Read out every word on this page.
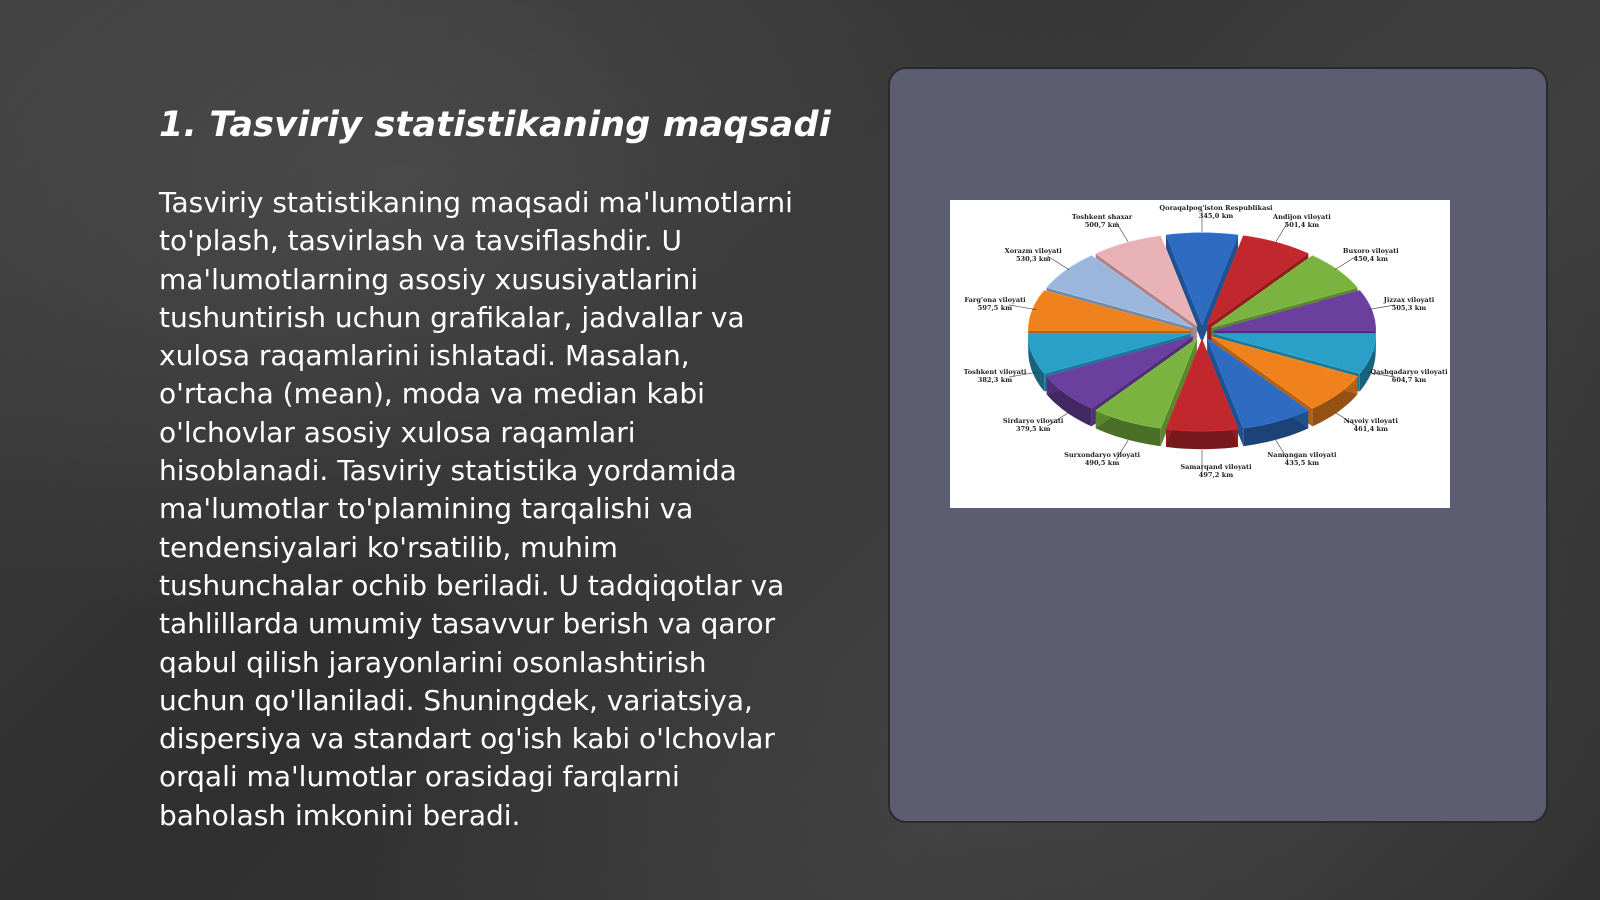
1. Tasviriy statistikaning maqsadi

Tasviriy statistikaning maqsadi ma'lumotlarni
to'plash, tasvirlash va tavsiflashdir. U
ma'lumotlarning asosiy xususiyatlarini
tushuntirish uchun grafikalar, jadvallar va
xulosa raqamlarini ishlatadi. Masalan,
o'rtacha (mean), moda va median kabi
o'lchovlar asosiy xulosa raqamlari
hisoblanadi. Tasviriy statistika yordamida
ma'lumotlar to'plamining tarqalishi va
tendensiyalari ko'rsatilib, muhim
tushunchalar ochib beriladi. U tadqiqotlar va
tahlillarda umumiy tasavvur berish va qaror
qabul qilish jarayonlarini osonlashtirish
uchun qo'llaniladi. Shuningdek, variatsiya,
dispersiya va standart og'ish kabi o'lchovlar
orqali ma'lumotlar orasidagi farqlarni
baholash imkonini beradi.

Toshkent shaxar 500,7 km
Qoraqalpog'iston Respublikasi 345,0 km	Andijon viloyati 501,4 km
Buxoro viloyati 450,4 km
Jizzax viloyati 505,3 km
Qashqadaryo viloyati 604,7 km
Navoiy viloyati 461,4 km
Namangan viloyati 435,5 km
Samarqand viloyati 497,2 km
Surxondaryo viloyati 490,5 km
Sirdaryo viloyati 379,5 km
Toshkent viloyati 382,3 km
Farg'ona viloyati 597,5 km
Xorazm viloyati 530,3 km
